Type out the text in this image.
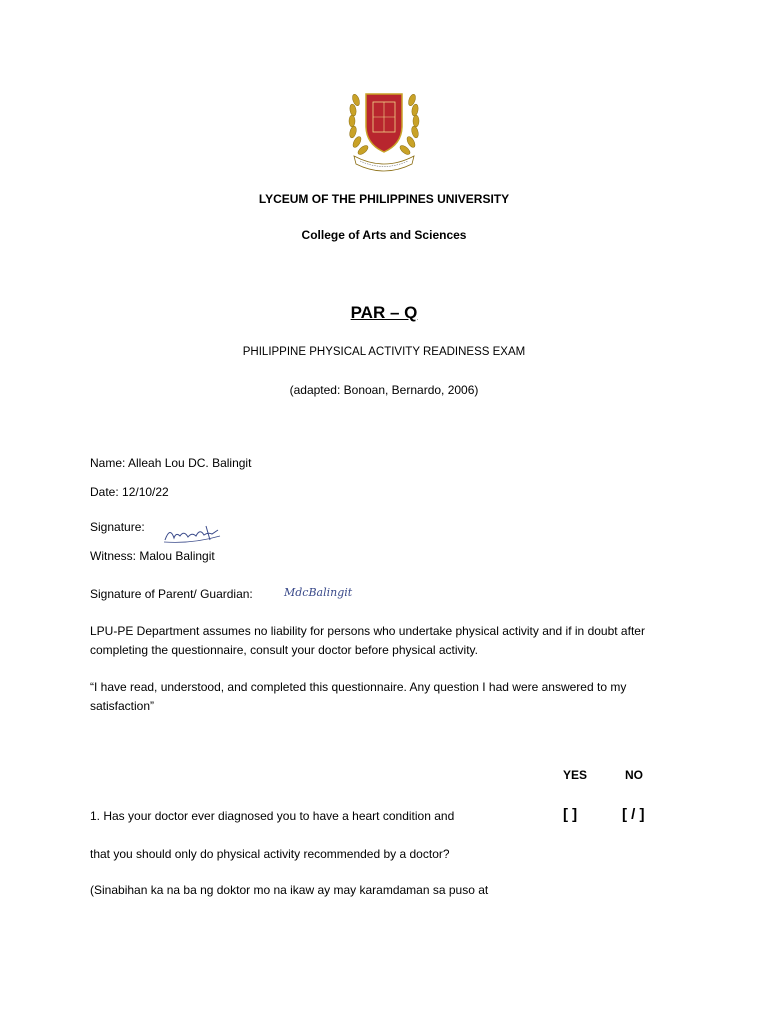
LYCEUM OF THE PHILIPPINES UNIVERSITY
College of Arts and Sciences
PAR – Q
PHILIPPINE PHYSICAL ACTIVITY READINESS EXAM
(adapted: Bonoan, Bernardo, 2006)
Name: Alleah Lou DC. Balingit
Date: 12/10/22
Signature:
Witness: Malou Balingit
Signature of Parent/ Guardian:	MdcBalingit
LPU-PE Department assumes no liability for persons who undertake physical activity and if in doubt after
completing the questionnaire, consult your doctor before physical activity.
“I have read, understood, and completed this questionnaire. Any question I had were answered to my
satisfaction”
YES	NO
1. Has your doctor ever diagnosed you to have a heart condition and	[ ]	[ / ]
that you should only do physical activity recommended by a doctor?
(Sinabihan ka na ba ng doktor mo na ikaw ay may karamdaman sa puso at
